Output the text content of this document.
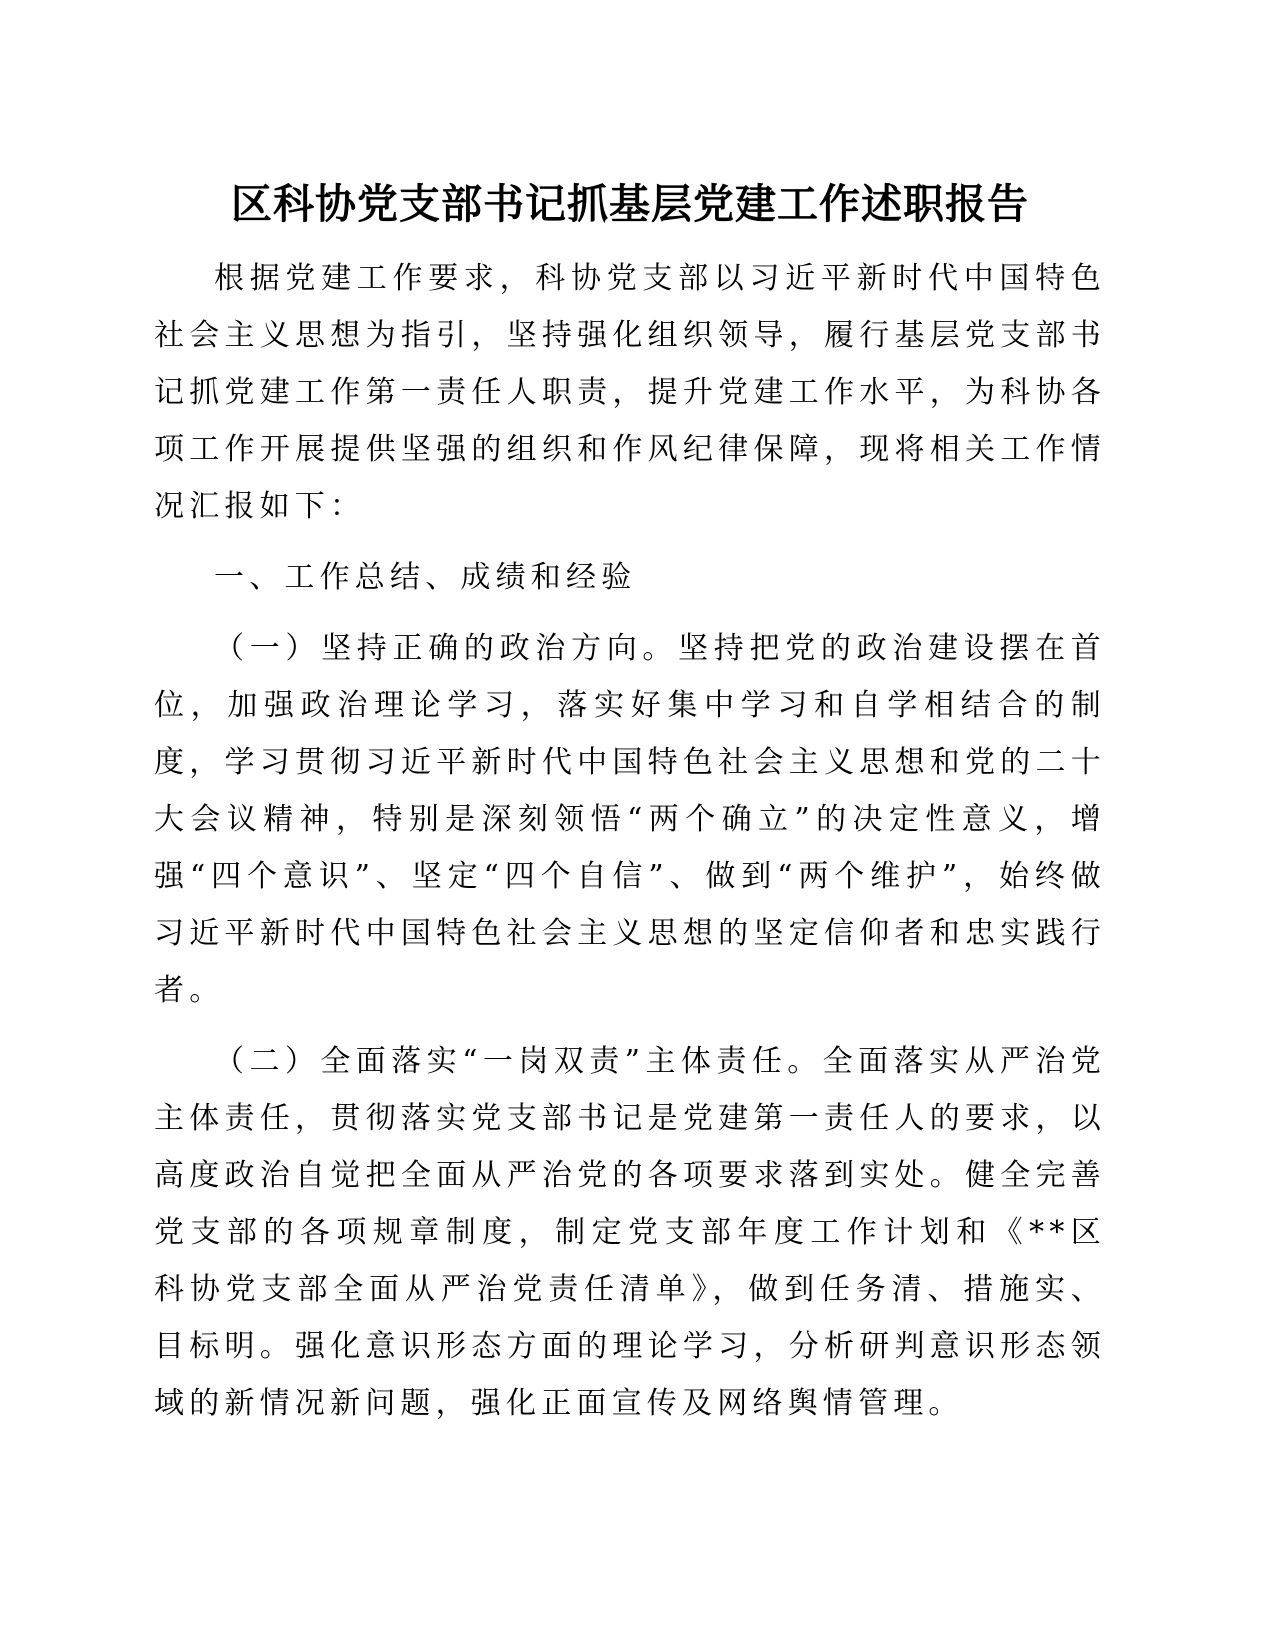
区科协党支部书记抓基层党建工作述职报告

根据党建工作要求，科协党支部以习近平新时代中国特色社会主义思想为指引，坚持强化组织领导，履行基层党支部书记抓党建工作第一责任人职责，提升党建工作水平，为科协各项工作开展提供坚强的组织和作风纪律保障，现将相关工作情况汇报如下：

一、工作总结、成绩和经验

（一）坚持正确的政治方向。坚持把党的政治建设摆在首位，加强政治理论学习，落实好集中学习和自学相结合的制度，学习贯彻习近平新时代中国特色社会主义思想和党的二十大会议精神，特别是深刻领悟“两个确立”的决定性意义，增强“四个意识”、坚定“四个自信”、做到“两个维护”，始终做习近平新时代中国特色社会主义思想的坚定信仰者和忠实践行者。

（二）全面落实“一岗双责”主体责任。全面落实从严治党主体责任，贯彻落实党支部书记是党建第一责任人的要求，以高度政治自觉把全面从严治党的各项要求落到实处。健全完善党支部的各项规章制度，制定党支部年度工作计划和《**区科协党支部全面从严治党责任清单》，做到任务清、措施实、目标明。强化意识形态方面的理论学习，分析研判意识形态领域的新情况新问题，强化正面宣传及网络舆情管理。
